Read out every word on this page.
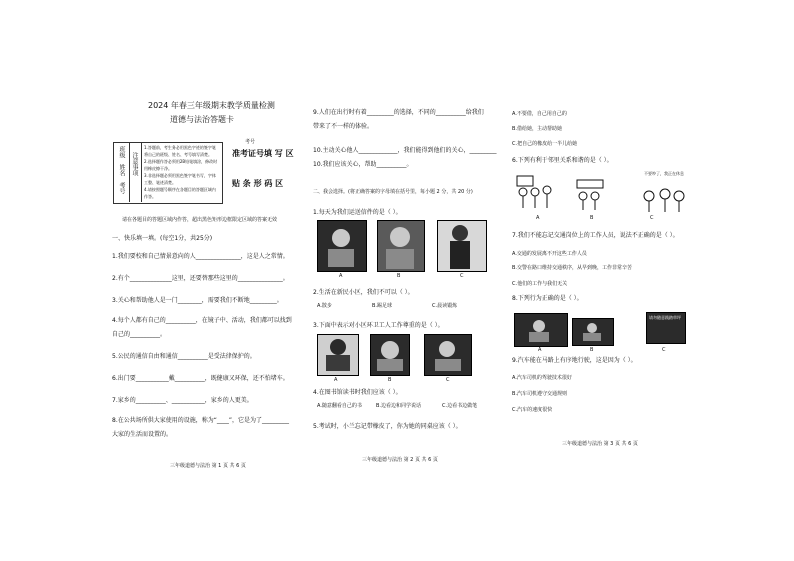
2024 年春三年级期末教学质量检测
道德与法治答题卡
班级
姓名
考号
注意事项
1.答题前，考生务必用黑色字迹的签字笔将自己的班级、姓名、考号填写清楚。
2.选择题作答必须用2B铅笔填涂，修改时用橡皮擦干净。
3.非选择题必须用黑色签字笔书写，字体工整、笔迹清楚。
4.请按照题号顺序在各题目的答题区域内作答。
考号
准考证号填 写 区
贴 条 形 码 区
请在各题目的答题区域内作答，超出黑色矩形边框限定区域的答案无效
一、快乐填一填。(每空1分，共25分)
1.我们要校和自己情景意向的人_______________，这是人之常情。
2.有个______________这里，还要替那些这里的_______________。
3.关心和帮助他人是一门________，需要我们不断地_________。
4.每个人都有自己的__________，在镜子中、活动，我们都可以找到
自己的__________。
5.公民的通信自由和通信__________是受法律保护的。
6.出门要___________戴__________，既健康又环保，还不怕堵车。
7.家乡的__________、___________，家乡的人更美。
8.在公共场所供大家使用的设施，称为“____”，它是为了_________
大家的生活而设置的。
三年级道德与法治 第 1 页 共 6 页
9.人们在出行时有着_________的选择，不同的__________给我们
带来了不一样的体验。
10.主动关心他人_____________，我们能得到他们的关心，_________
10.我们应该关心，帮助__________。
二、我会选择。(将正确答案的字母填在括号里，每小题 2 分，共 20 分)
1.每天为我们运送信件的是（ ）。
A	B	C
2.生活在新民小区，我们不可以（ ）。
A.散步	B.踢足球	C.晨读锻炼
3.下面中表示对小区环卫工人工作尊重的是（ ）。
A	B	C
4.在图书馆读书时我们应该（ ）。
A.随意翻看自己的书	B.边看边和同学说话	C.边看书边做笔
5.考试时，小兰忘记带橡皮了，你为她的同桌应该（ ）。
三年级道德与法治 第 2 页 共 6 页
A.不要借，自己用自己的
B.借给她，主动帮助她
C.把自己的橡皮给一半儿给她
6.下列有利于邻里关系和谐的是（ ）。
不要吵了，我正在休息
A	B	C
7.我们不能忘记交通岗位上的工作人员，说法不正确的是（ ）。
A.交通的发展离不开这些工作人员
B.交警在路口维持交通秩序，从早到晚，工作非常辛苦
C.他们的工作与我们无关
8.下列行为正确的是（ ）。
请勿随意践踏草坪
A	B	C
9.汽车能在马路上有序地行驶，这是因为（ ）。
A.汽车司机的驾驶技术很好
B.汽车司机遵守交通规则
C.汽车的速度很快
三年级道德与法治 第 3 页 共 6 页
